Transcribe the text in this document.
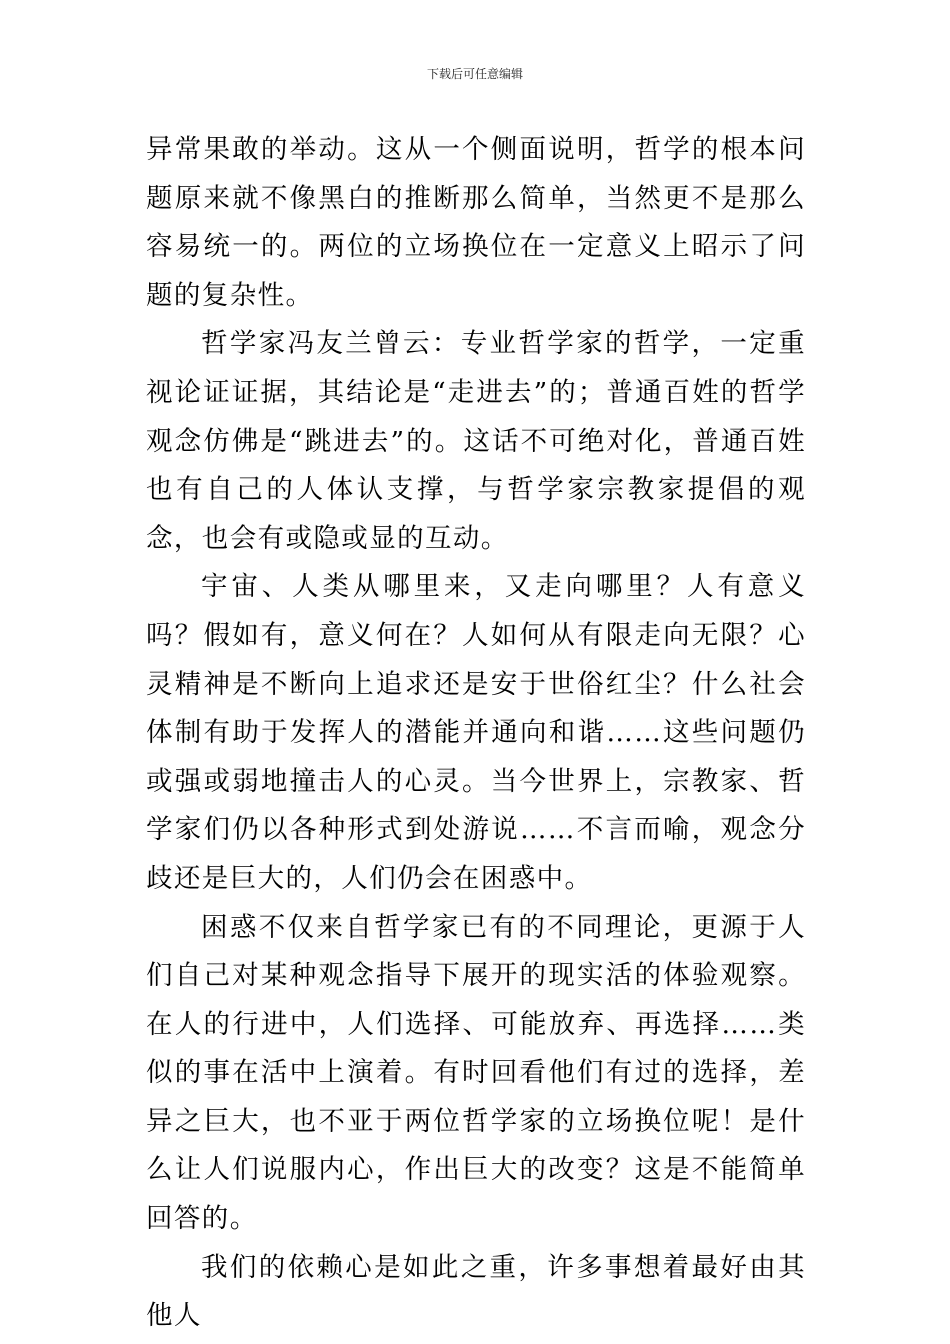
下载后可任意编辑

异常果敢的举动。这从一个侧面说明，哲学的根本问题原来就不像黑白的推断那么简单，当然更不是那么容易统一的。两位的立场换位在一定意义上昭示了问题的复杂性。

哲学家冯友兰曾云：专业哲学家的哲学，一定重视论证证据，其结论是“走进去”的；普通百姓的哲学观念仿佛是“跳进去”的。这话不可绝对化，普通百姓也有自己的人体认支撑，与哲学家宗教家提倡的观念，也会有或隐或显的互动。

宇宙、人类从哪里来，又走向哪里？人有意义吗？假如有，意义何在？人如何从有限走向无限？心灵精神是不断向上追求还是安于世俗红尘？什么社会体制有助于发挥人的潜能并通向和谐……这些问题仍或强或弱地撞击人的心灵。当今世界上，宗教家、哲学家们仍以各种形式到处游说……不言而喻，观念分歧还是巨大的，人们仍会在困惑中。

困惑不仅来自哲学家已有的不同理论，更源于人们自己对某种观念指导下展开的现实活的体验观察。在人的行进中，人们选择、可能放弃、再选择……类似的事在活中上演着。有时回看他们有过的选择，差异之巨大，也不亚于两位哲学家的立场换位呢！是什么让人们说服内心，作出巨大的改变？这是不能简单回答的。

我们的依赖心是如此之重，许多事想着最好由其他人
